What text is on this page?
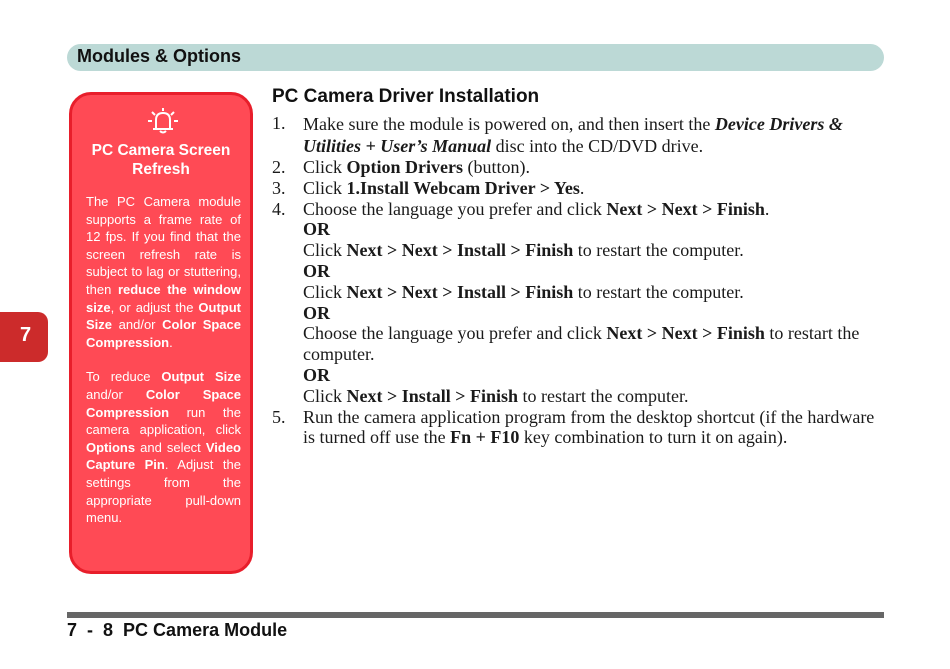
Modules & Options
7
PC Camera Screen Refresh
The PC Camera module supports a frame rate of 12 fps. If you find that the screen refresh rate is subject to lag or stuttering, then reduce the window size, or adjust the Output Size and/or Color Space Compression.
To reduce Output Size and/or Color Space Compression run the camera application, click Options and select Video Capture Pin. Adjust the settings from the appropriate pull-down menu.
PC Camera Driver Installation
1. Make sure the module is powered on, and then insert the Device Drivers & Utilities + User’s Manual disc into the CD/DVD drive.
2. Click Option Drivers (button).
3. Click 1.Install Webcam Driver > Yes.
4. Choose the language you prefer and click Next > Next > Finish.
OR
Click Next > Next > Install > Finish to restart the computer.
OR
Click Next > Next > Install > Finish to restart the computer.
OR
Choose the language you prefer and click Next > Next > Finish to restart the computer.
OR
Click Next > Install > Finish to restart the computer.
5. Run the camera application program from the desktop shortcut (if the hardware is turned off use the Fn + F10 key combination to turn it on again).
7  -  8 PC Camera Module
